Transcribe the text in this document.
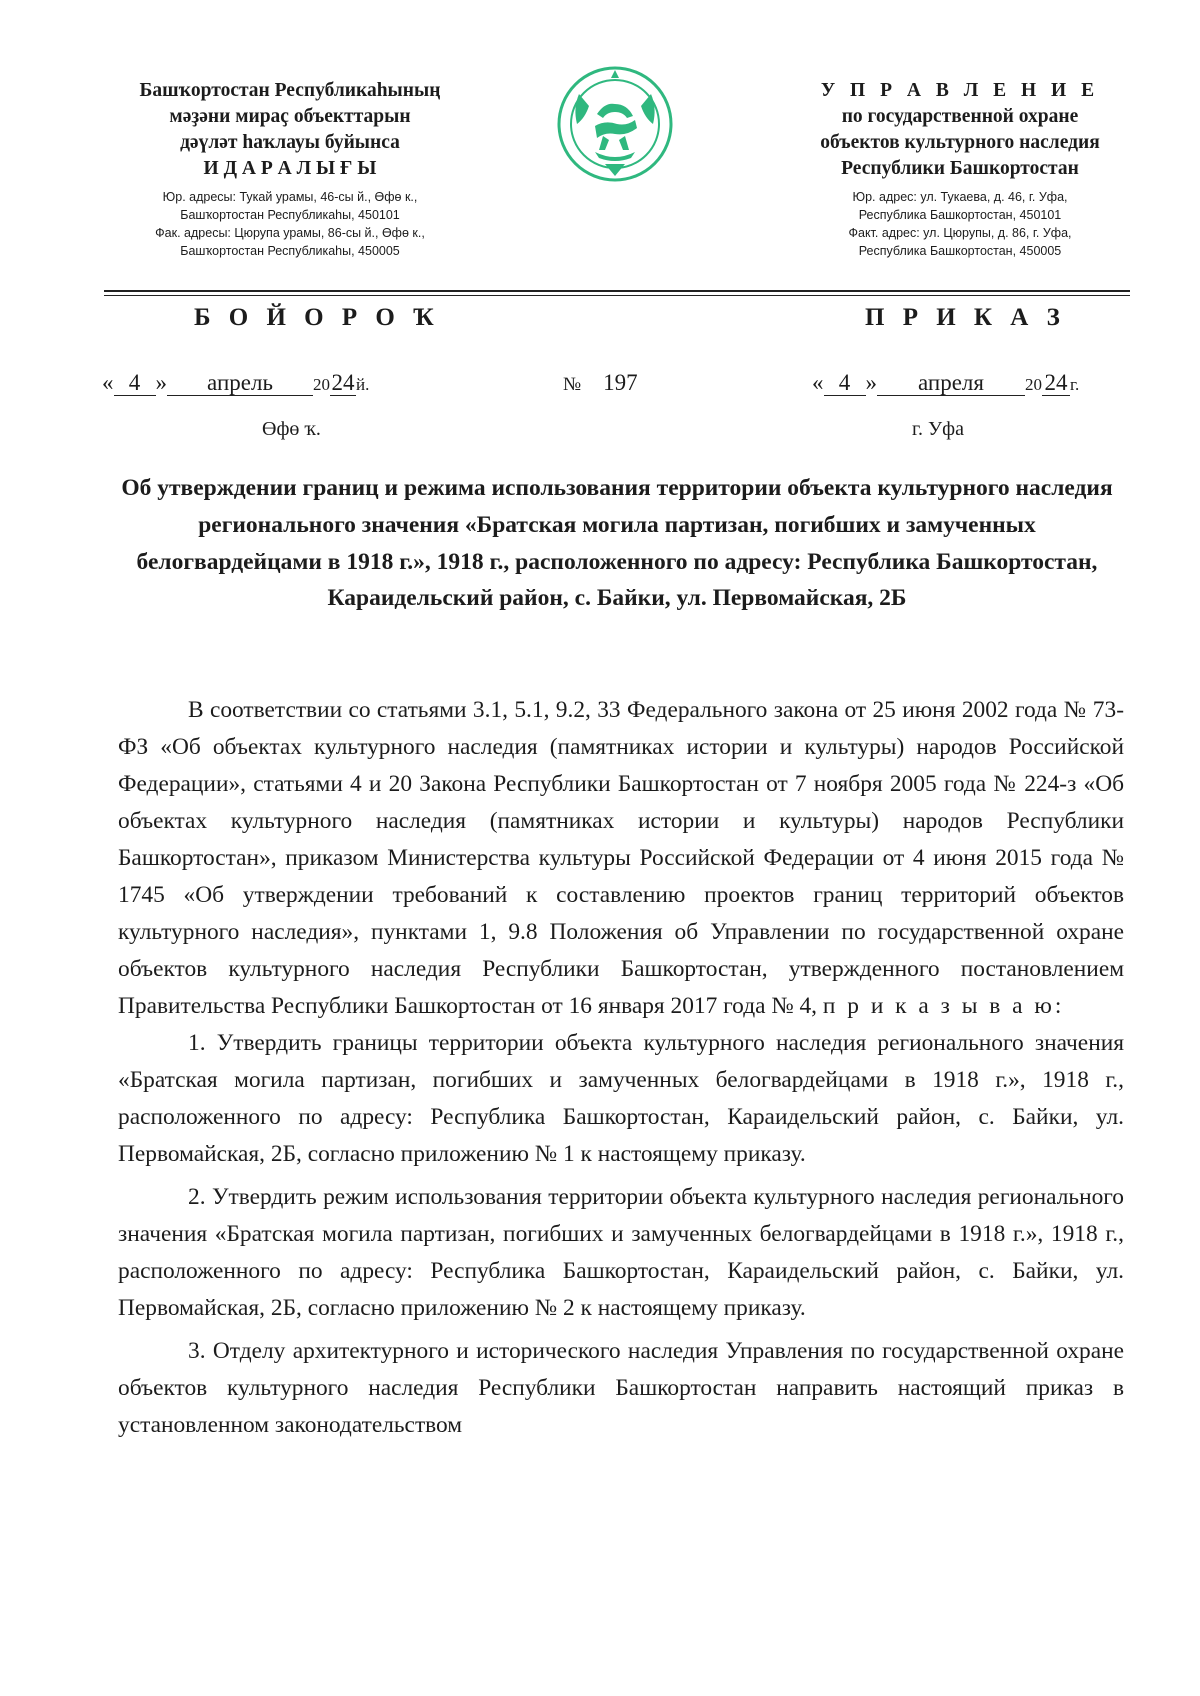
Башҡортостан Республикаһының
мәҙәни мираҫ объекттарын
дәүләт һаҡлауы буйынса
И Д А Р А Л Ы Ғ Ы
Юр. адресы: Тукай урамы, 46-сы й., Өфө к.,
Башҡортостан Республикаһы, 450101
Фак. адресы: Цюрупа урамы, 86-сы й., Өфө к.,
Башҡортостан Республикаһы, 450005
У П Р А В Л Е Н И Е
по государственной охране
объектов культурного наследия
Республики Башкортостан
Юр. адрес: ул. Тукаева, д. 46, г. Уфа,
Республика Башкортостан, 450101
Факт. адрес: ул. Цюрупы, д. 86, г. Уфа,
Республика Башкортостан, 450005
Б О Й О Р О Ҡ	П Р И К А З
« 4 » апрель 2024й.	№ 197	« 4 » апреля 20 24 г.
Өфө ҡ.	г. Уфа
Об утверждении границ и режима использования территории объекта культурного наследия регионального значения «Братская могила партизан, погибших и замученных белогвардейцами в 1918 г.», 1918 г., расположенного по адресу: Республика Башкортостан, Караидельский район, с. Байки, ул. Первомайская, 2Б

В соответствии со статьями 3.1, 5.1, 9.2, 33 Федерального закона от 25 июня 2002 года № 73-ФЗ «Об объектах культурного наследия (памятниках истории и культуры) народов Российской Федерации», статьями 4 и 20 Закона Республики Башкортостан от 7 ноября 2005 года № 224-з «Об объектах культурного наследия (памятниках истории и культуры) народов Республики Башкортостан», приказом Министерства культуры Российской Федерации от 4 июня 2015 года № 1745 «Об утверждении требований к составлению проектов границ территорий объектов культурного наследия», пунктами 1, 9.8 Положения об Управлении по государственной охране объектов культурного наследия Республики Башкортостан, утвержденного постановлением Правительства Республики Башкортостан от 16 января 2017 года № 4, п р и к а з ы в а ю:

1. Утвердить границы территории объекта культурного наследия регионального значения «Братская могила партизан, погибших и замученных белогвардейцами в 1918 г.», 1918 г., расположенного по адресу: Республика Башкортостан, Караидельский район, с. Байки, ул. Первомайская, 2Б, согласно приложению № 1 к настоящему приказу.

2. Утвердить режим использования территории объекта культурного наследия регионального значения «Братская могила партизан, погибших и замученных белогвардейцами в 1918 г.», 1918 г., расположенного по адресу: Республика Башкортостан, Караидельский район, с. Байки, ул. Первомайская, 2Б, согласно приложению № 2 к настоящему приказу.

3. Отделу архитектурного и исторического наследия Управления по государственной охране объектов культурного наследия Республики Башкортостан направить настоящий приказ в установленном законодательством
